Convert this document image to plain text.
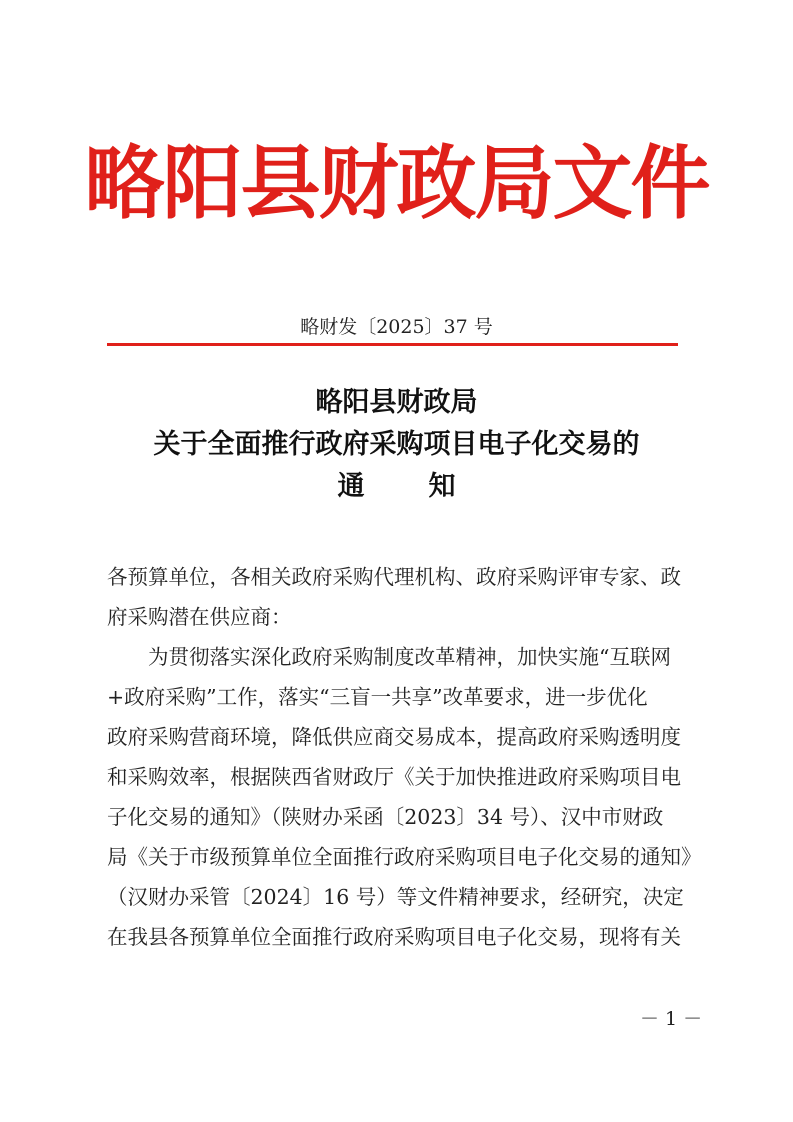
略阳县财政局文件
略财发〔2025〕37 号
略阳县财政局
关于全面推行政府采购项目电子化交易的
通 知
各预算单位，各相关政府采购代理机构、政府采购评审专家、政
府采购潜在供应商：
为贯彻落实深化政府采购制度改革精神，加快实施“互联网
+政府采购”工作，落实“三盲一共享”改革要求，进一步优化
政府采购营商环境，降低供应商交易成本，提高政府采购透明度
和采购效率，根据陕西省财政厅《关于加快推进政府采购项目电
子化交易的通知》（陕财办采函〔2023〕34 号）、汉中市财政
局《关于市级预算单位全面推行政府采购项目电子化交易的通知》
（汉财办采管〔2024〕16 号）等文件精神要求，经研究，决定
在我县各预算单位全面推行政府采购项目电子化交易，现将有关
－ 1 －
